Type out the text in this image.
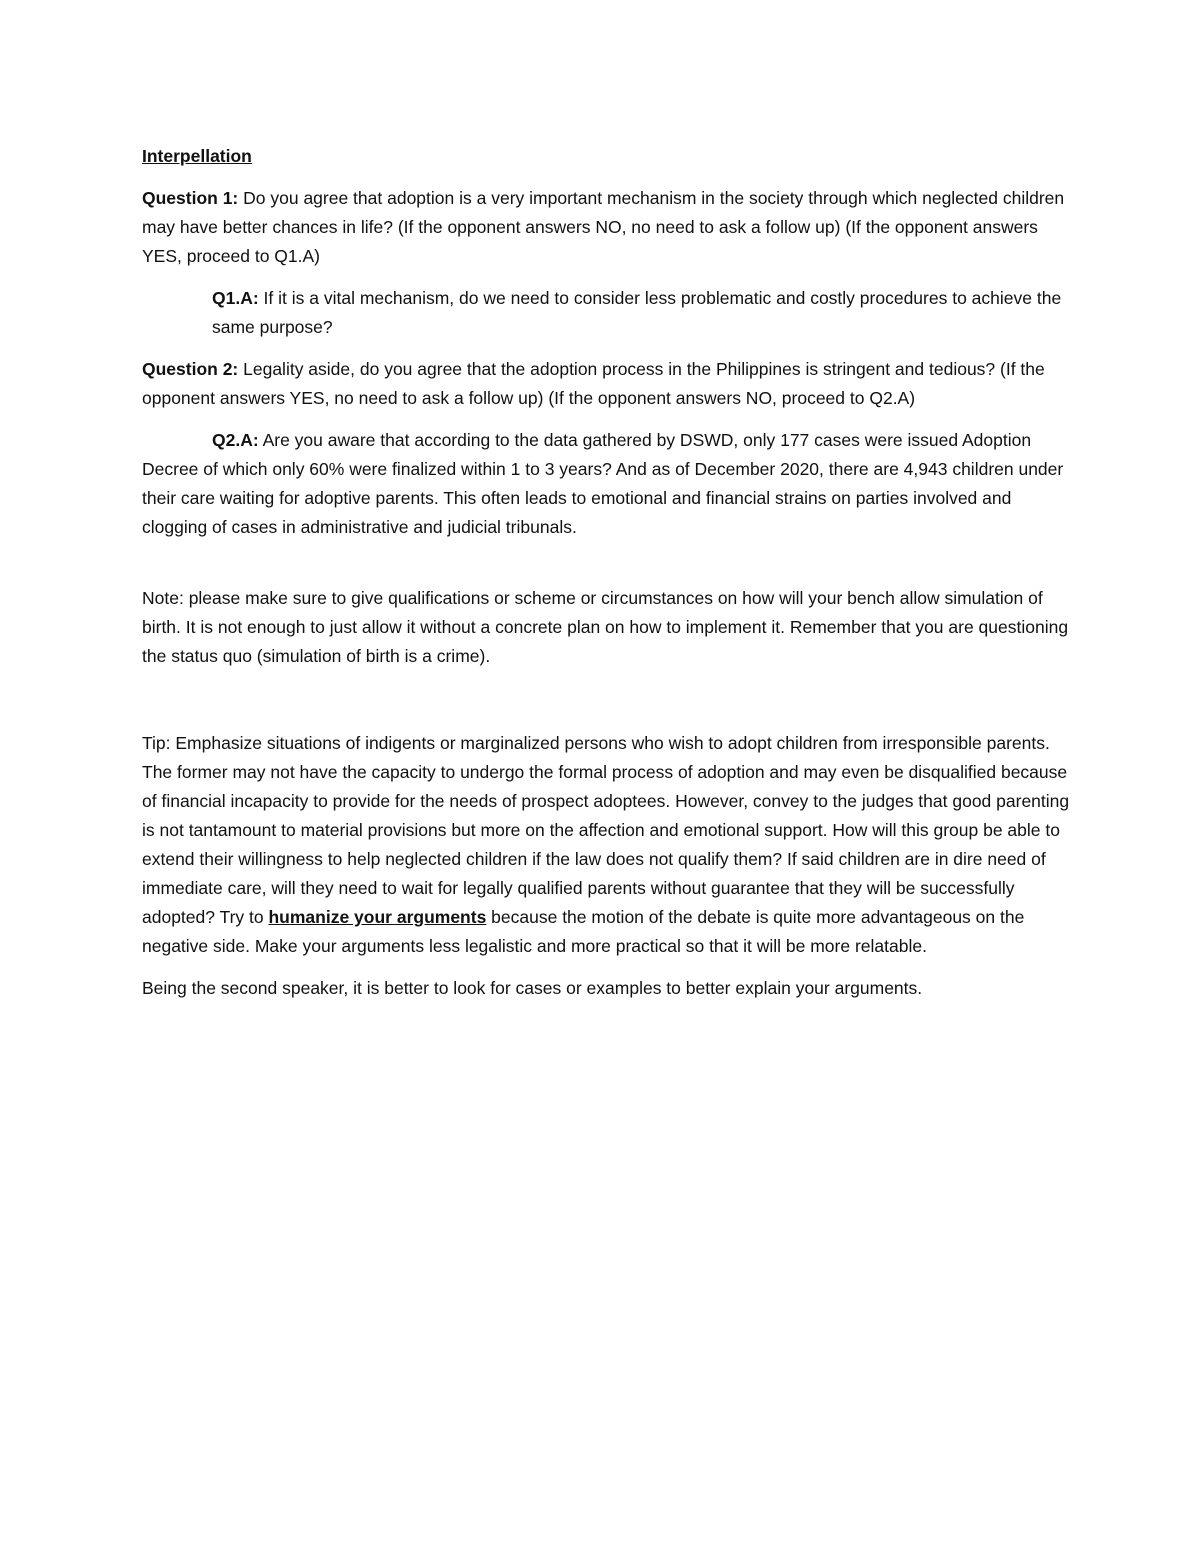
Interpellation

Question 1: Do you agree that adoption is a very important mechanism in the society through which neglected children may have better chances in life? (If the opponent answers NO, no need to ask a follow up) (If the opponent answers YES, proceed to Q1.A)

Q1.A: If it is a vital mechanism, do we need to consider less problematic and costly procedures to achieve the same purpose?

Question 2: Legality aside, do you agree that the adoption process in the Philippines is stringent and tedious? (If the opponent answers YES, no need to ask a follow up) (If the opponent answers NO, proceed to Q2.A)

Q2.A: Are you aware that according to the data gathered by DSWD, only 177 cases were issued Adoption Decree of which only 60% were finalized within 1 to 3 years? And as of December 2020, there are 4,943 children under their care waiting for adoptive parents. This often leads to emotional and financial strains on parties involved and clogging of cases in administrative and judicial tribunals.

Note: please make sure to give qualifications or scheme or circumstances on how will your bench allow simulation of birth. It is not enough to just allow it without a concrete plan on how to implement it. Remember that you are questioning the status quo (simulation of birth is a crime).

Tip: Emphasize situations of indigents or marginalized persons who wish to adopt children from irresponsible parents. The former may not have the capacity to undergo the formal process of adoption and may even be disqualified because of financial incapacity to provide for the needs of prospect adoptees. However, convey to the judges that good parenting is not tantamount to material provisions but more on the affection and emotional support. How will this group be able to extend their willingness to help neglected children if the law does not qualify them? If said children are in dire need of immediate care, will they need to wait for legally qualified parents without guarantee that they will be successfully adopted? Try to humanize your arguments because the motion of the debate is quite more advantageous on the negative side. Make your arguments less legalistic and more practical so that it will be more relatable.

Being the second speaker, it is better to look for cases or examples to better explain your arguments.
